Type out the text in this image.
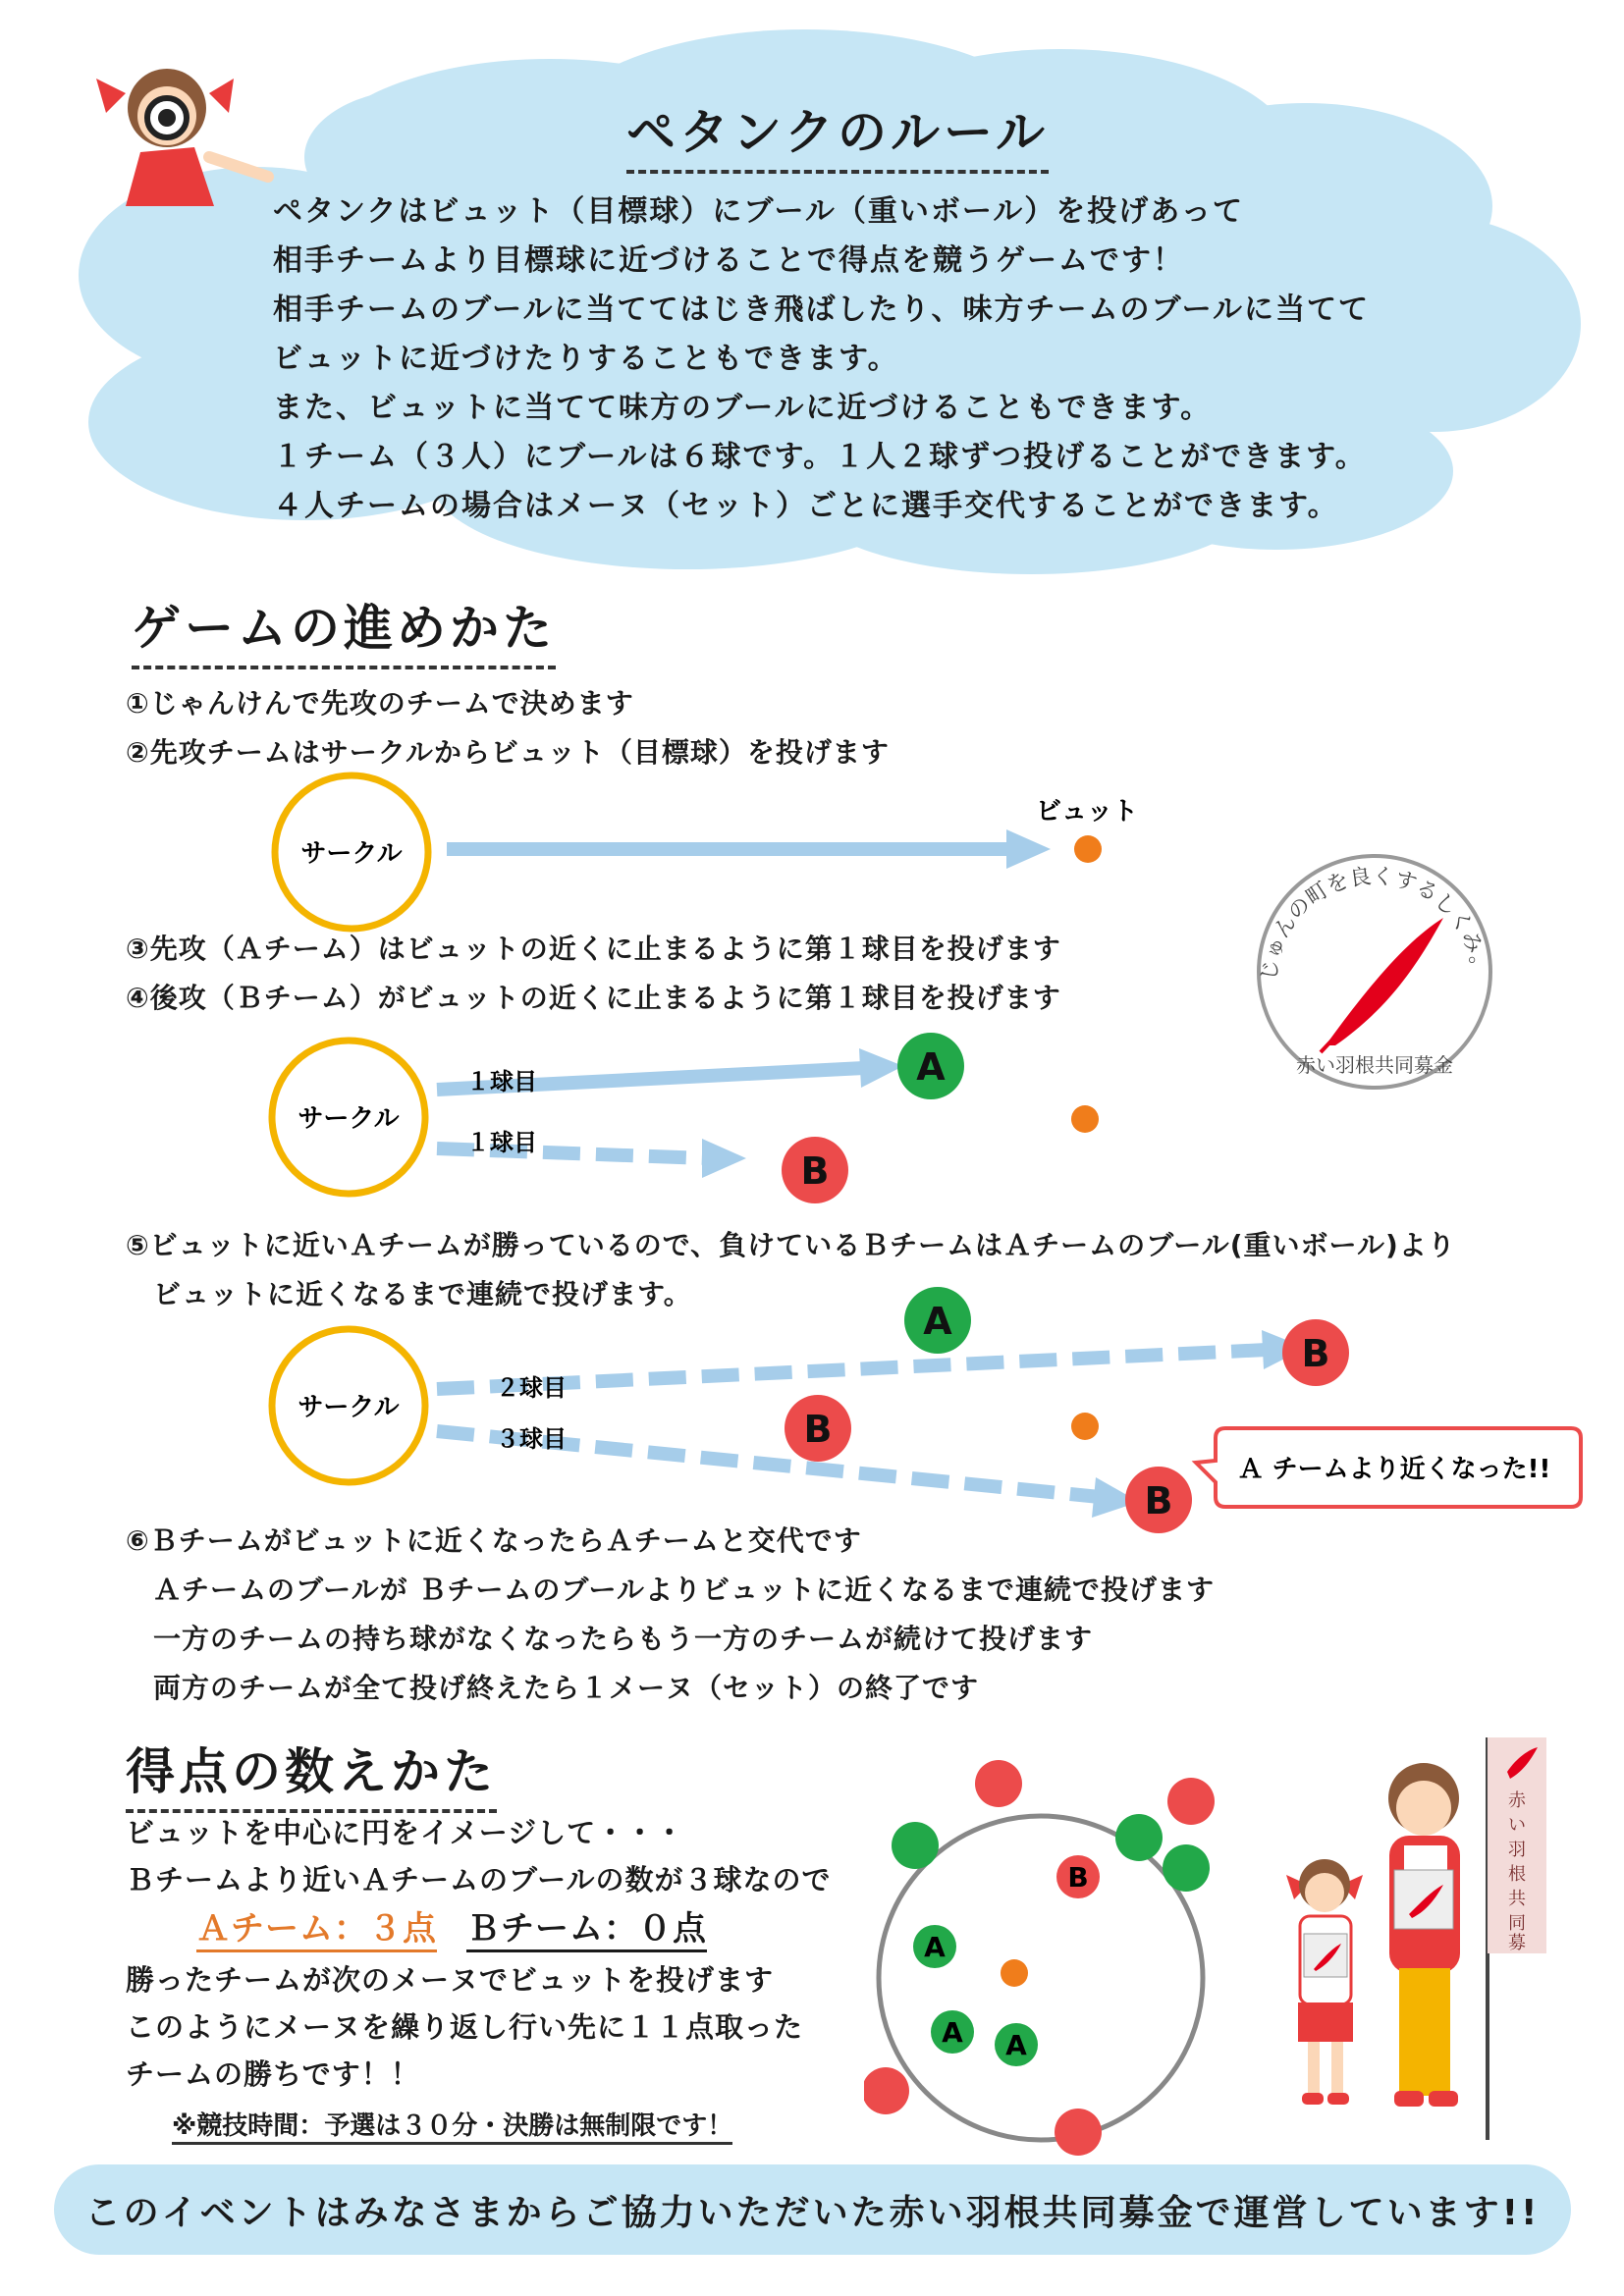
ペタンクのルール
ペタンクはビュット（目標球）にブール（重いボール）を投げあって
相手チームより目標球に近づけることで得点を競うゲームです！
相手チームのブールに当ててはじき飛ばしたり、味方チームのブールに当てて
ビュットに近づけたりすることもできます。
また、ビュットに当てて味方のブールに近づけることもできます。
１チーム（３人）にブールは６球です。１人２球ずつ投げることができます。
４人チームの場合はメーヌ（セット）ごとに選手交代することができます。
ゲームの進めかた
①じゃんけんで先攻のチームで決めます
②先攻チームはサークルからビュット（目標球）を投げます
サークル
ビュット
じゅんの町を良くするしくみ。
赤い羽根共同募金
③先攻（Ａチーム）はビュットの近くに止まるように第１球目を投げます
④後攻（Ｂチーム）がビュットの近くに止まるように第１球目を投げます
サークル
１球目
１球目
A
B
⑤ビュットに近いＡチームが勝っているので、負けているＢチームはＡチームのブール(重いボール)より
ビュットに近くなるまで連続で投げます。
サークル
２球目
３球目
A
B
B
B
Ａ チームより近くなった!!
⑥Ｂチームがビュットに近くなったらＡチームと交代です
Ａチームのブールが Ｂチームのブールよりビュットに近くなるまで連続で投げます
一方のチームの持ち球がなくなったらもう一方のチームが続けて投げます
両方のチームが全て投げ終えたら１メーヌ（セット）の終了です
得点の数えかた
ビュットを中心に円をイメージして・・・
Ｂチームより近いＡチームのブールの数が３球なので
Ａチーム：３点 Ｂチーム：０点
勝ったチームが次のメーヌでビュットを投げます
このようにメーヌを繰り返し行い先に１１点取った
チームの勝ちです！！
※競技時間：予選は３０分・決勝は無制限です！
B
A
A A
赤
い
羽
根
共
同
募
このイベントはみなさまからご協力いただいた赤い羽根共同募金で運営しています!!
